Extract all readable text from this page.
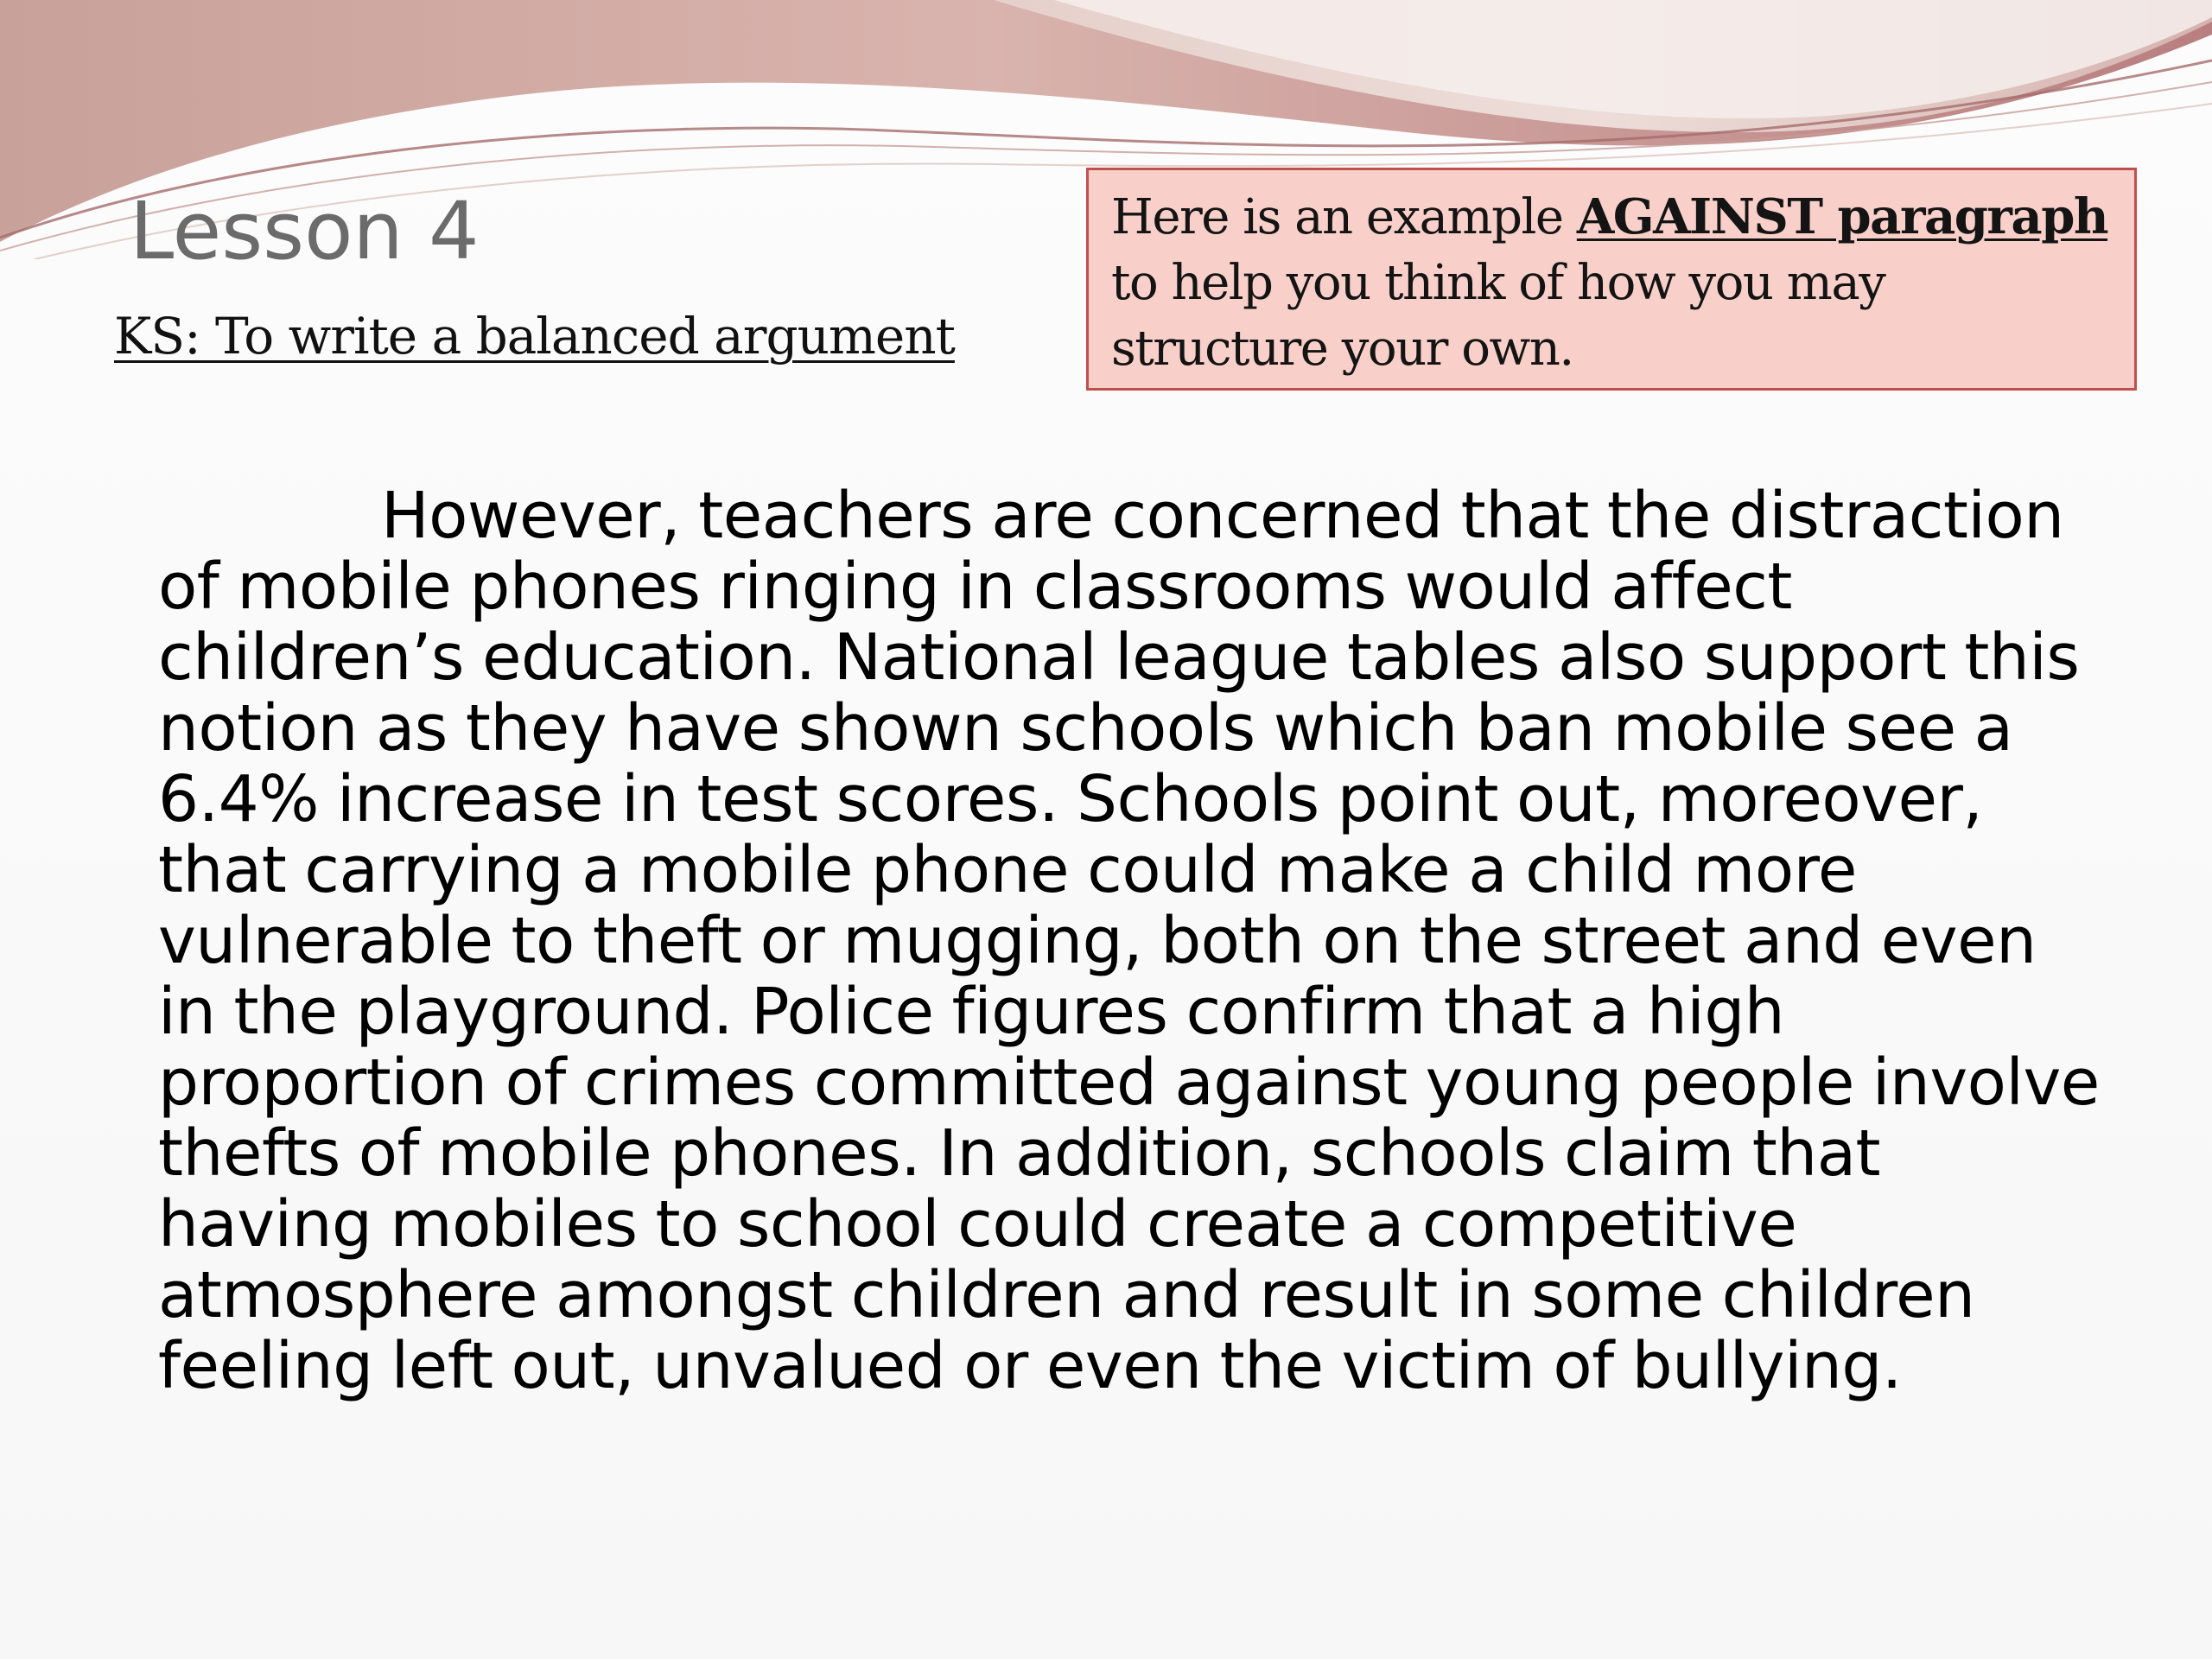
Lesson 4

KS: To write a balanced argument

Here is an example AGAINST paragraph to help you think of how you may structure your own.

However, teachers are concerned that the distraction of mobile phones ringing in classrooms would affect children’s education. National league tables also support this notion as they have shown schools which ban mobile see a 6.4% increase in test scores. Schools point out, moreover, that carrying a mobile phone could make a child more vulnerable to theft or mugging, both on the street and even in the playground. Police figures confirm that a high proportion of crimes committed against young people involve thefts of mobile phones. In addition, schools claim that having mobiles to school could create a competitive atmosphere amongst children and result in some children feeling left out, unvalued or even the victim of bullying.
